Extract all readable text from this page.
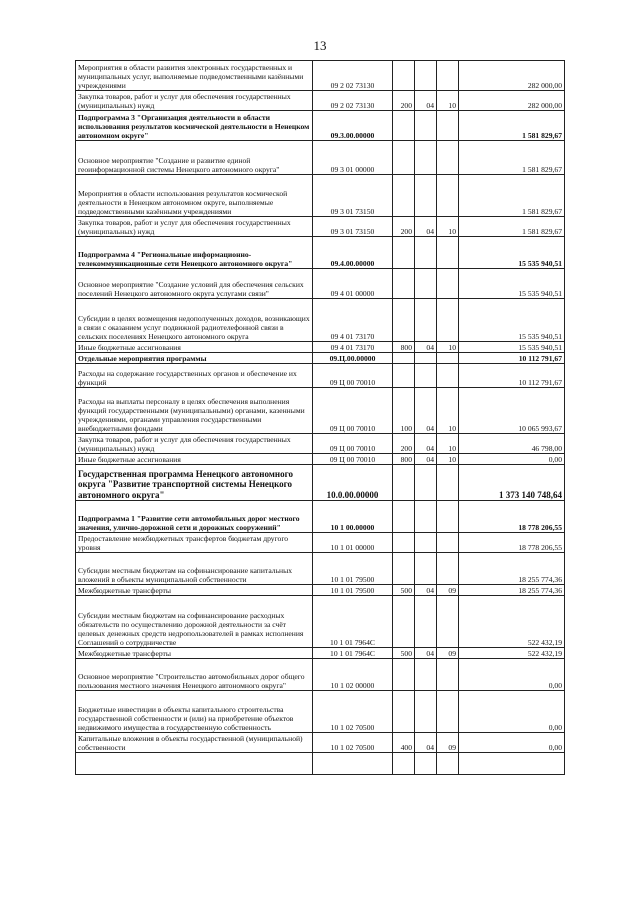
13
Мероприятия в области развития электронных государственных и муниципальных услуг, выполняемые подведомственными казёнными учреждениями	09 2 02 73130				282 000,00
Закупка товаров, работ и услуг для обеспечения государственных (муниципальных) нужд	09 2 02 73130	200	04	10	282 000,00
Подпрограмма 3 "Организация деятельности в области использования результатов космической деятельности в Ненецком автономном округе"	09.3.00.00000				1 581 829,67
Основное мероприятие "Создание и развитие единой геоинформационной системы Ненецкого автономного округа"	09 3 01 00000				1 581 829,67
Мероприятия в области использования результатов космической деятельности в Ненецком автономном округе, выполняемые подведомственными казёнными учреждениями	09 3 01 73150				1 581 829,67
Закупка товаров, работ и услуг для обеспечения государственных (муниципальных) нужд	09 3 01 73150	200	04	10	1 581 829,67
Подпрограмма 4 "Региональные информационно-телекоммуникационные сети Ненецкого автономного округа"	09.4.00.00000				15 535 940,51
Основное мероприятие "Создание условий для обеспечения сельских поселений Ненецкого автономного округа услугами связи"	09 4 01 00000				15 535 940,51
Субсидии в целях возмещения недополученных доходов, возникающих в связи с оказанием услуг подвижной радиотелефонной связи в сельских поселениях Ненецкого автономного округа	09 4 01 73170				15 535 940,51
Иные бюджетные ассигнования	09 4 01 73170	800	04	10	15 535 940,51
Отдельные мероприятия программы	09.Ц.00.00000				10 112 791,67
Расходы на содержание государственных органов и обеспечение их функций	09 Ц 00 70010				10 112 791,67
Расходы на выплаты персоналу в целях обеспечения выполнения функций государственными (муниципальными) органами, казенными учреждениями, органами управления государственными внебюджетными фондами	09 Ц 00 70010	100	04	10	10 065 993,67
Закупка товаров, работ и услуг для обеспечения государственных (муниципальных) нужд	09 Ц 00 70010	200	04	10	46 798,00
Иные бюджетные ассигнования	09 Ц 00 70010	800	04	10	0,00
Государственная программа Ненецкого автономного округа "Развитие транспортной системы Ненецкого автономного округа"	10.0.00.00000				1 373 140 748,64
Подпрограмма 1 "Развитие сети автомобильных дорог местного значения, улично-дорожной сети и дорожных сооружений"	10 1 00.00000				18 778 206,55
Предоставление межбюджетных трансфертов бюджетам другого уровня	10 1 01 00000				18 778 206,55
Субсидии местным бюджетам на софинансирование капитальных вложений в объекты муниципальной собственности	10 1 01 79500				18 255 774,36
Межбюджетные трансферты	10 1 01 79500	500	04	09	18 255 774,36
Субсидии местным бюджетам на софинансирование расходных обязательств по осуществлению дорожной деятельности за счёт целевых денежных средств недропользователей в рамках исполнения Соглашений о сотрудничестве	10 1 01 7964C				522 432,19
Межбюджетные трансферты	10 1 01 7964C	500	04	09	522 432,19
Основное мероприятие "Строительство автомобильных дорог общего пользования местного значения Ненецкого автономного округа"	10 1 02 00000				0,00
Бюджетные инвестиции в объекты капитального строительства государственной собственности и (или) на приобретение объектов недвижимого имущества в государственную собственность	10 1 02 70500				0,00
Капитальные вложения в объекты государственной (муниципальной) собственности	10 1 02 70500	400	04	09	0,00
